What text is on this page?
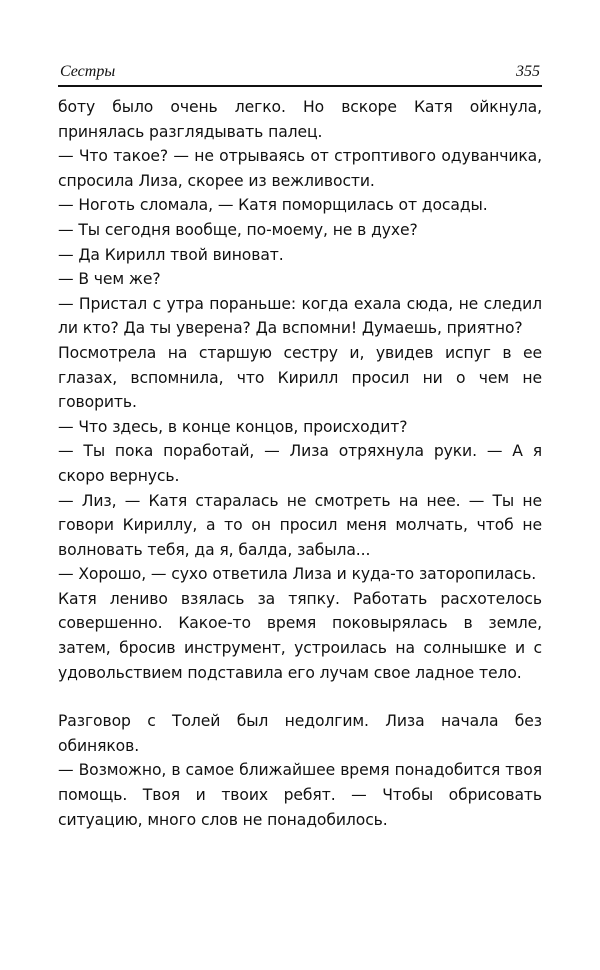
Сестры	355

боту было очень легко. Но вскоре Катя ойкнула, принялась разглядывать палец.

— Что такое? — не отрываясь от строптивого одуванчика, спросила Лиза, скорее из вежливости.

— Ноготь сломала, — Катя поморщилась от досады.

— Ты сегодня вообще, по-моему, не в духе?

— Да Кирилл твой виноват.

— В чем же?

— Пристал с утра пораньше: когда ехала сюда, не следил ли кто? Да ты уверена? Да вспомни! Думаешь, приятно?

Посмотрела на старшую сестру и, увидев испуг в ее глазах, вспомнила, что Кирилл просил ни о чем не говорить.

— Что здесь, в конце концов, происходит?

— Ты пока поработай, — Лиза отряхнула руки. — А я скоро вернусь.

— Лиз, — Катя старалась не смотреть на нее. — Ты не говори Кириллу, а то он просил меня молчать, чтоб не волновать тебя, да я, балда, забыла...

— Хорошо, — сухо ответила Лиза и куда-то заторопилась.

Катя лениво взялась за тяпку. Работать расхотелось совершенно. Какое-то время поковырялась в земле, затем, бросив инструмент, устроилась на солнышке и с удовольствием подставила его лучам свое ладное тело.

Разговор с Толей был недолгим. Лиза начала без обиняков.

— Возможно, в самое ближайшее время понадобится твоя помощь. Твоя и твоих ребят. — Чтобы обрисовать ситуацию, много слов не понадобилось.
